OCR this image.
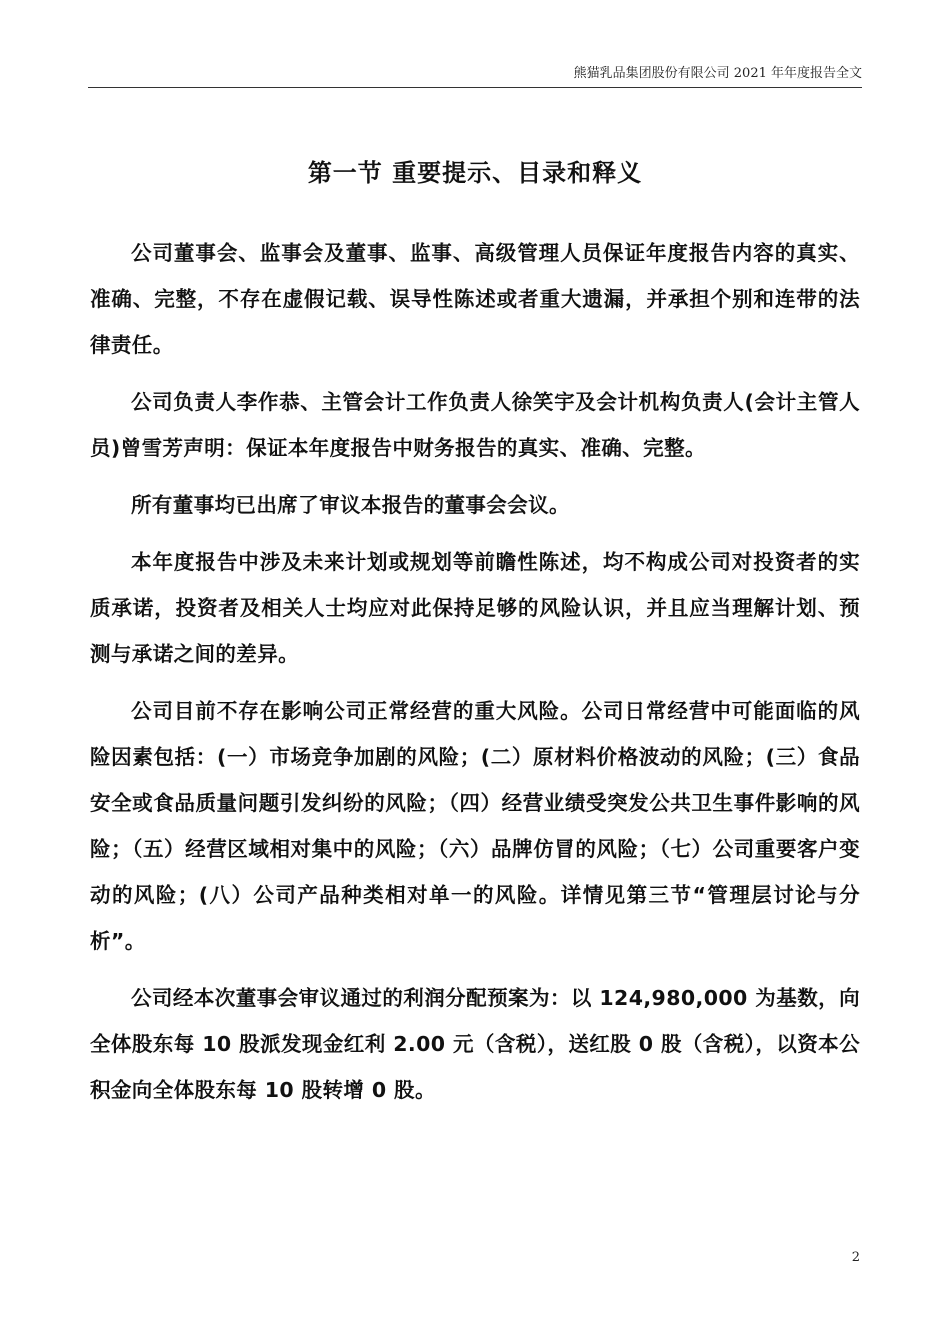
熊猫乳品集团股份有限公司 2021 年年度报告全文
第一节 重要提示、目录和释义

公司董事会、监事会及董事、监事、高级管理人员保证年度报告内容的真实、准确、完整，不存在虚假记载、误导性陈述或者重大遗漏，并承担个别和连带的法律责任。

公司负责人李作恭、主管会计工作负责人徐笑宇及会计机构负责人(会计主管人员)曾雪芳声明：保证本年度报告中财务报告的真实、准确、完整。

所有董事均已出席了审议本报告的董事会会议。

本年度报告中涉及未来计划或规划等前瞻性陈述，均不构成公司对投资者的实质承诺，投资者及相关人士均应对此保持足够的风险认识，并且应当理解计划、预测与承诺之间的差异。

公司目前不存在影响公司正常经营的重大风险。公司日常经营中可能面临的风险因素包括：(一）市场竞争加剧的风险；(二）原材料价格波动的风险；(三）食品安全或食品质量问题引发纠纷的风险；（四）经营业绩受突发公共卫生事件影响的风险；（五）经营区域相对集中的风险；（六）品牌仿冒的风险；（七）公司重要客户变动的风险；(八）公司产品种类相对单一的风险。详情见第三节“管理层讨论与分析”。

公司经本次董事会审议通过的利润分配预案为：以 124,980,000 为基数，向全体股东每 10 股派发现金红利 2.00 元（含税），送红股 0 股（含税），以资本公积金向全体股东每 10 股转增 0 股。

2
